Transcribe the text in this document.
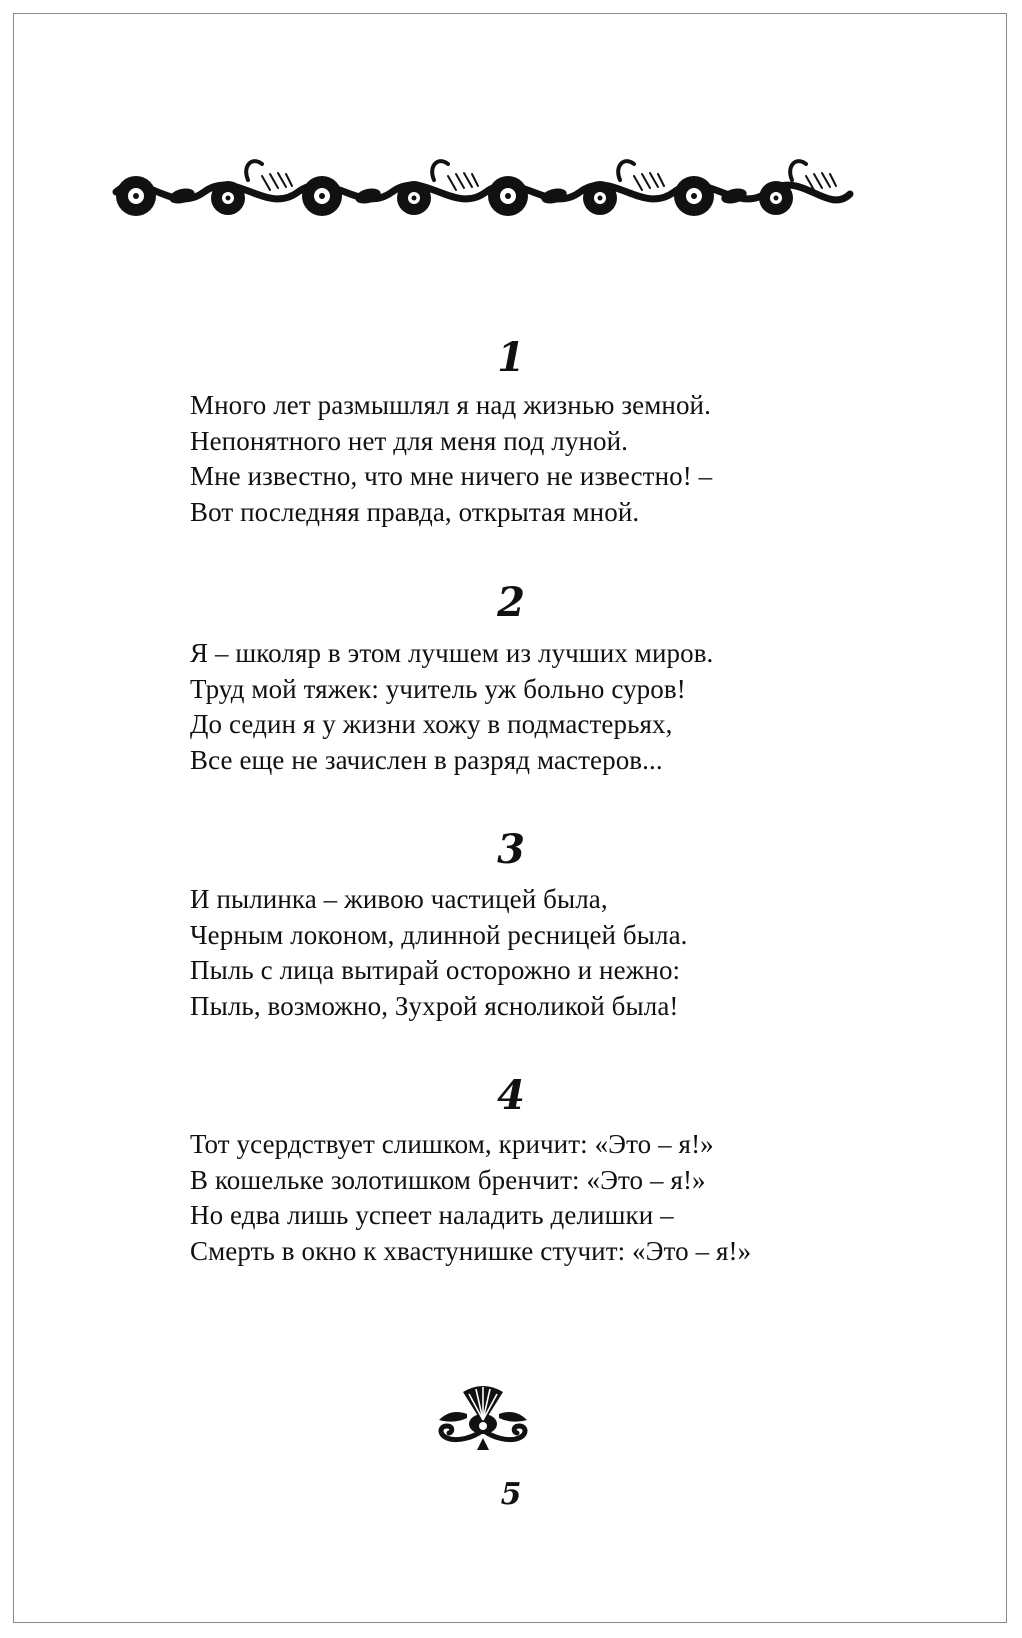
1
Много лет размышлял я над жизнью земной.
Непонятного нет для меня под луной.
Мне известно, что мне ничего не известно! –
Вот последняя правда, открытая мной.
2
Я – школяр в этом лучшем из лучших миров.
Труд мой тяжек: учитель уж больно суров!
До седин я у жизни хожу в подмастерьях,
Все еще не зачислен в разряд мастеров...
3
И пылинка – живою частицей была,
Черным локоном, длинной ресницей была.
Пыль с лица вытирай осторожно и нежно:
Пыль, возможно, Зухрой ясноликой была!
4
Тот усердствует слишком, кричит: «Это – я!»
В кошельке золотишком бренчит: «Это – я!»
Но едва лишь успеет наладить делишки –
Смерть в окно к хвастунишке стучит: «Это – я!»
5
